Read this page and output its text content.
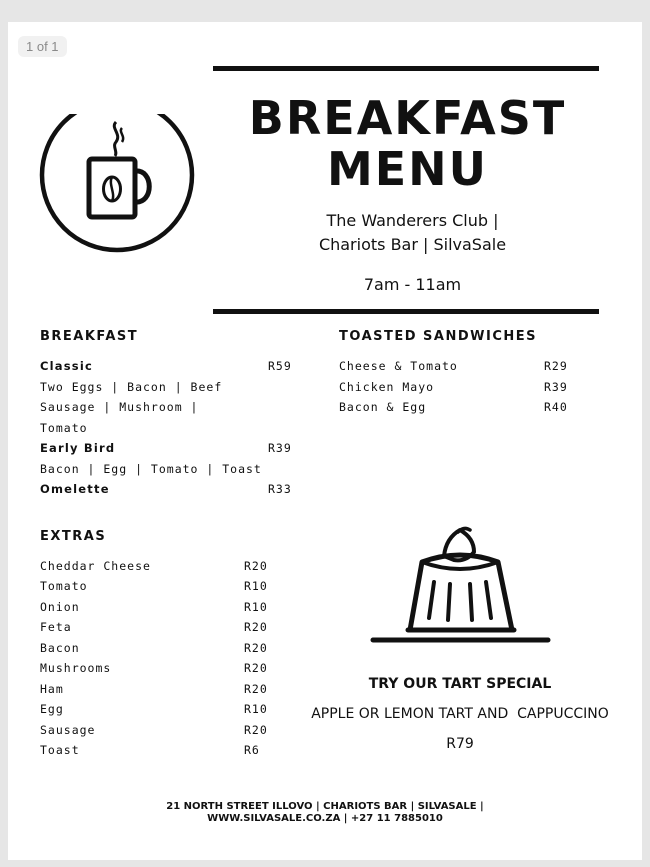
1 of 1
BREAKFAST
MENU
The Wanderers Club |
Chariots Bar | SilvaSale
7am - 11am
BREAKFAST
Classic	R59
Two Eggs | Bacon | Beef
Sausage | Mushroom |
Tomato
Early Bird	R39
Bacon | Egg | Tomato | Toast
Omelette	R33
TOASTED SANDWICHES
Cheese & Tomato	R29
Chicken Mayo	R39
Bacon & Egg	R40
EXTRAS
Cheddar Cheese	R20
Tomato	R10
Onion	R10
Feta	R20
Bacon	R20
Mushrooms	R20
Ham	R20
Egg	R10
Sausage	R20
Toast	R6
TRY OUR TART SPECIAL
APPLE OR LEMON TART AND  CAPPUCCINO
R79
21 NORTH STREET ILLOVO | CHARIOTS BAR | SILVASALE |
WWW.SILVASALE.CO.ZA | +27 11 7885010
